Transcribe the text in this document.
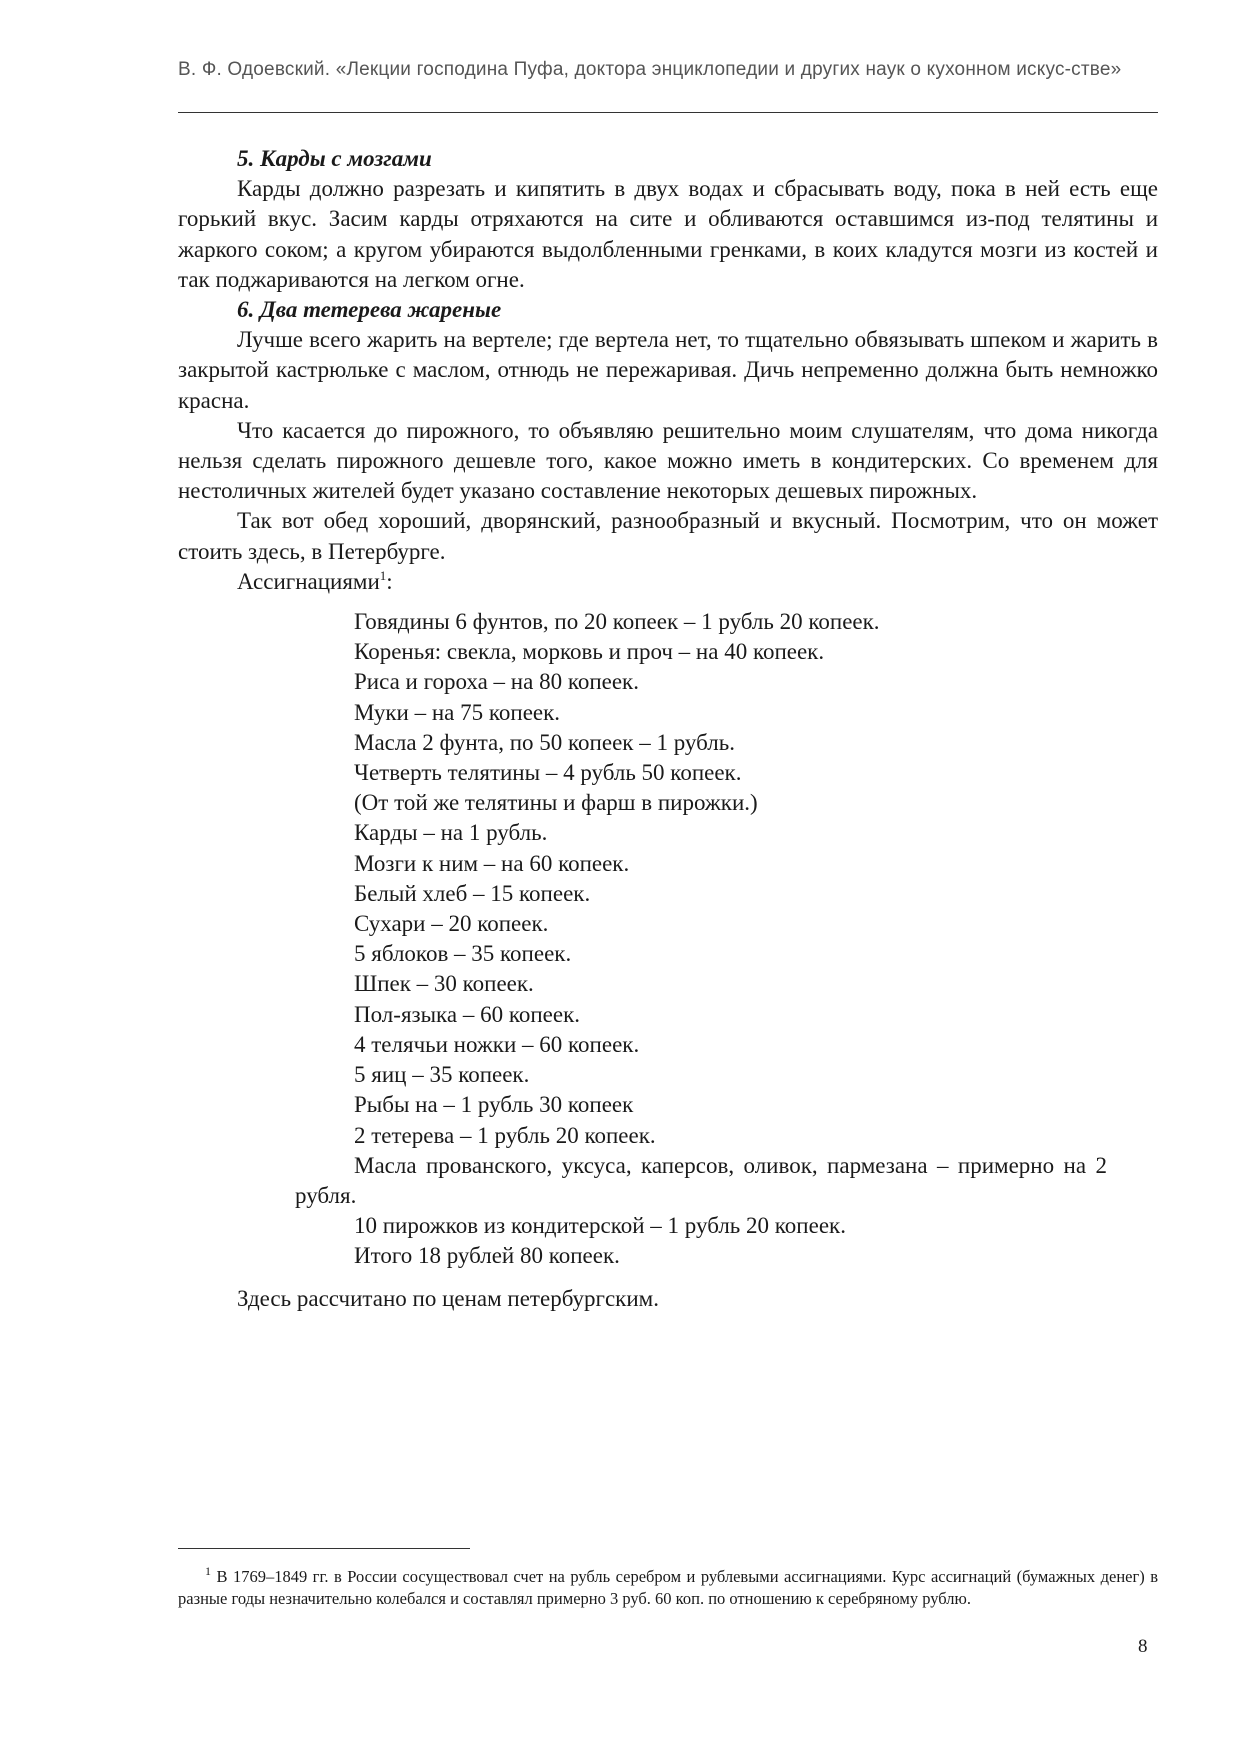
В. Ф. Одоевский. «Лекции господина Пуфа, доктора энциклопедии и других наук о кухонном искус-стве»
5. Карды с мозгами

Карды должно разрезать и кипятить в двух водах и сбрасывать воду, пока в ней есть еще горький вкус. Засим карды отряхаются на сите и обливаются оставшимся из-под телятины и жаркого соком; а кругом убираются выдолбленными гренками, в коих кладутся мозги из костей и так поджариваются на легком огне.

6. Два тетерева жареные

Лучше всего жарить на вертеле; где вертела нет, то тщательно обвязывать шпеком и жарить в закрытой кастрюльке с маслом, отнюдь не пережаривая. Дичь непременно должна быть немножко красна.

Что касается до пирожного, то объявляю решительно моим слушателям, что дома никогда нельзя сделать пирожного дешевле того, какое можно иметь в кондитерских. Со временем для нестоличных жителей будет указано составление некоторых дешевых пирожных.

Так вот обед хороший, дворянский, разнообразный и вкусный. Посмотрим, что он может стоить здесь, в Петербурге.

Ассигнациями$^1$:
Говядины 6 фунтов, по 20 копеек – 1 рубль 20 копеек.
Коренья: свекла, морковь и проч – на 40 копеек.
Риса и гороха – на 80 копеек.
Муки – на 75 копеек.
Масла 2 фунта, по 50 копеек – 1 рубль.
Четверть телятины – 4 рубль 50 копеек.
(От той же телятины и фарш в пирожки.)
Карды – на 1 рубль.
Мозги к ним – на 60 копеек.
Белый хлеб – 15 копеек.
Сухари – 20 копеек.
5 яблоков – 35 копеек.
Шпек – 30 копеек.
Пол-языка – 60 копеек.
4 телячьи ножки – 60 копеек.
5 яиц – 35 копеек.
Рыбы на – 1 рубль 30 копеек
2 тетерева – 1 рубль 20 копеек.
Масла прованского, уксуса, каперсов, оливок, пармезана – примерно на 2 рубля.
10 пирожков из кондитерской – 1 рубль 20 копеек.
Итого 18 рублей 80 копеек.
Здесь рассчитано по ценам петербургским.
$^1$ В 1769–1849 гг. в России сосуществовал счет на рубль серебром и рублевыми ассигнациями. Курс ассигнаций (бумажных денег) в разные годы незначительно колебался и составлял примерно 3 руб. 60 коп. по отношению к серебряному рублю.
8
